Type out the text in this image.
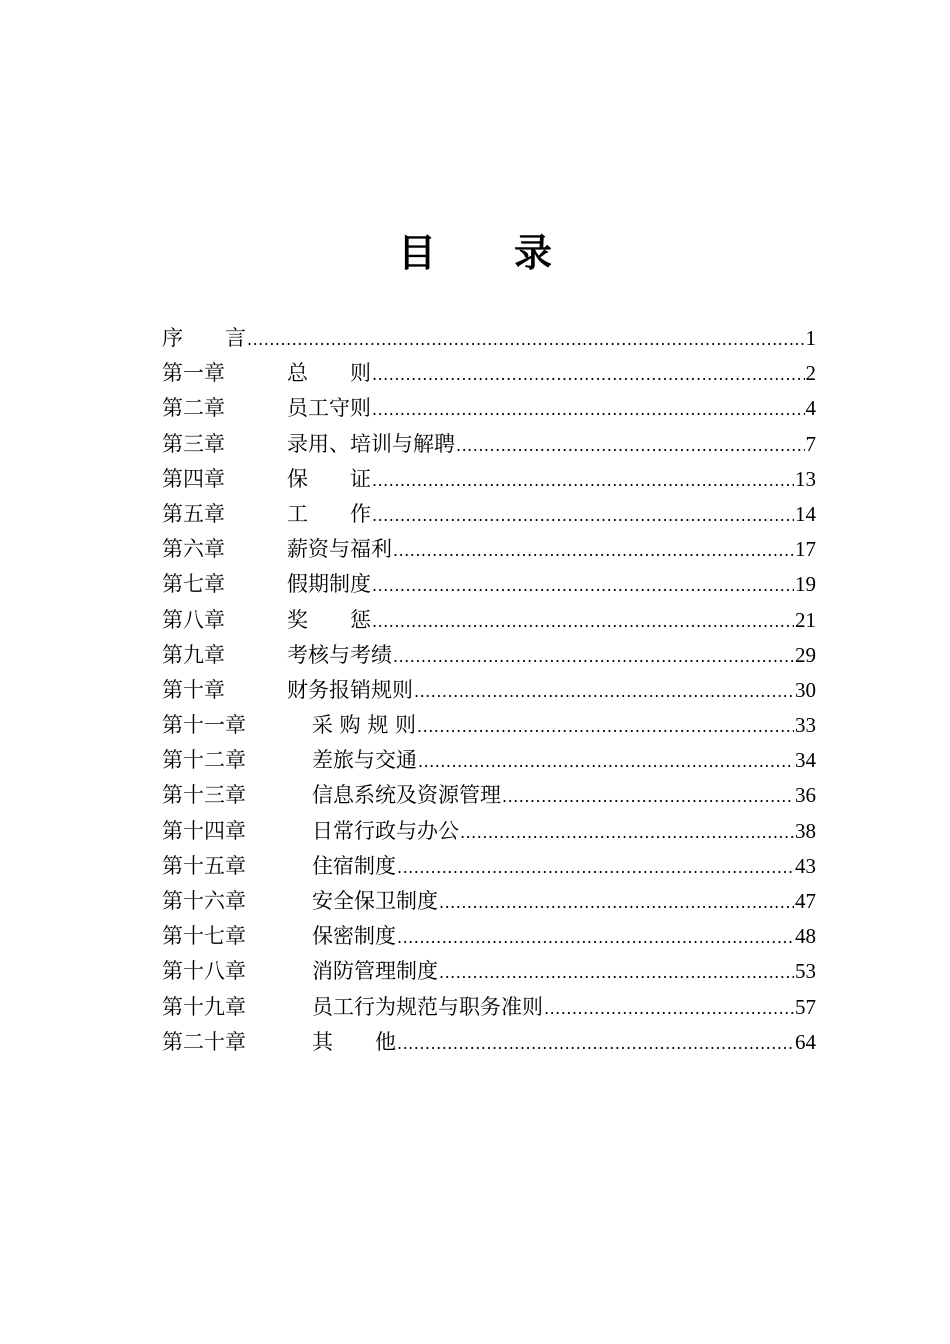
目 录
序　　言 .....	1
第一章	总　　则 .....	2
第二章	员工守则 .....	4
第三章	录用、培训与解聘 .....	7
第四章	保　　证 .....	13
第五章	工　　作 .....	14
第六章	薪资与福利 .....	17
第七章	假期制度 .....	19
第八章	奖　　惩 .....	21
第九章	考核与考绩 .....	29
第十章	财务报销规则 .....	30
第十一章	采 购 规 则 .....	33
第十二章	差旅与交通 .....	34
第十三章	信息系统及资源管理 .....	36
第十四章	日常行政与办公 .....	38
第十五章	住宿制度 .....	43
第十六章	安全保卫制度 .....	47
第十七章	保密制度 .....	48
第十八章	消防管理制度 .....	53
第十九章	员工行为规范与职务准则 .....	57
第二十章	其　　他 .....	64
